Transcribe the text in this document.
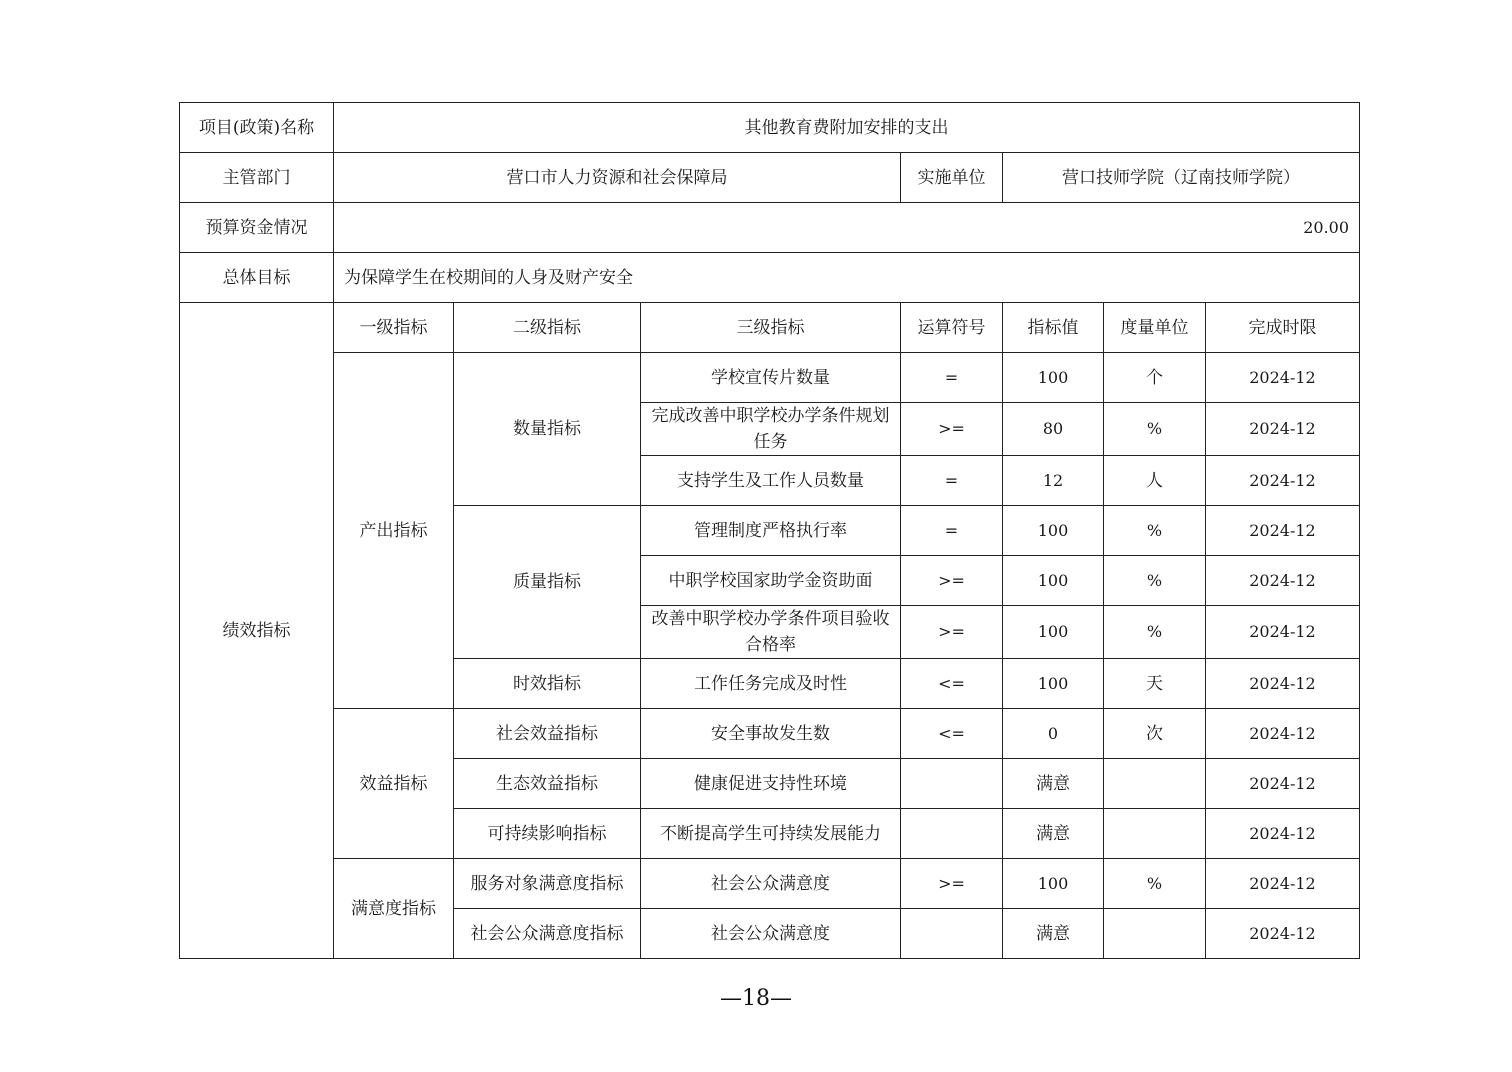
项目(政策)名称	其他教育费附加安排的支出						
主管部门	营口市人力资源和社会保障局			实施单位	营口技师学院（辽南技师学院）		
预算资金情况	20.00						
总体目标	为保障学生在校期间的人身及财产安全						
绩效指标	一级指标	二级指标	三级指标	运算符号	指标值	度量单位	完成时限
	产出指标	数量指标	学校宣传片数量	=	100	个	2024-12
			完成改善中职学校办学条件规划任务	>=	80	%	2024-12
			支持学生及工作人员数量	=	12	人	2024-12
		质量指标	管理制度严格执行率	=	100	%	2024-12
			中职学校国家助学金资助面	>=	100	%	2024-12
			改善中职学校办学条件项目验收合格率	>=	100	%	2024-12
		时效指标	工作任务完成及时性	<=	100	天	2024-12
	效益指标	社会效益指标	安全事故发生数	<=	0	次	2024-12
		生态效益指标	健康促进支持性环境		满意		2024-12
		可持续影响指标	不断提高学生可持续发展能力		满意		2024-12
	满意度指标	服务对象满意度指标	社会公众满意度	>=	100	%	2024-12
		社会公众满意度指标	社会公众满意度		满意		2024-12
—18—
